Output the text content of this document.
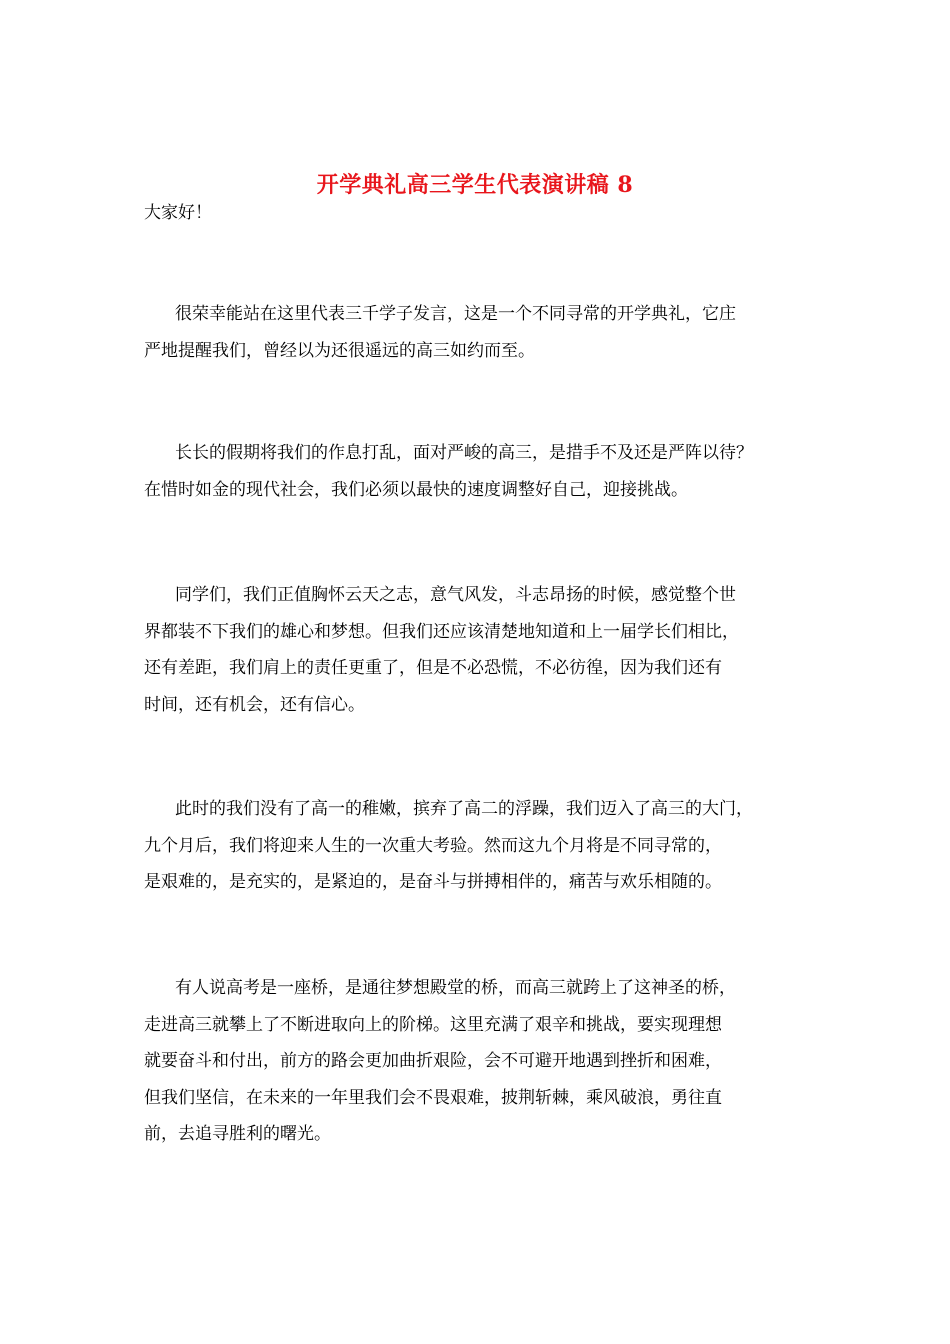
开学典礼高三学生代表演讲稿 8
大家好！
很荣幸能站在这里代表三千学子发言，这是一个不同寻常的开学典礼，它庄
严地提醒我们，曾经以为还很遥远的高三如约而至。
长长的假期将我们的作息打乱，面对严峻的高三，是措手不及还是严阵以待？
在惜时如金的现代社会，我们必须以最快的速度调整好自己，迎接挑战。
同学们，我们正值胸怀云天之志，意气风发，斗志昂扬的时候，感觉整个世
界都装不下我们的雄心和梦想。但我们还应该清楚地知道和上一届学长们相比，
还有差距，我们肩上的责任更重了，但是不必恐慌，不必彷徨，因为我们还有
时间，还有机会，还有信心。
此时的我们没有了高一的稚嫩，摈弃了高二的浮躁，我们迈入了高三的大门，
九个月后，我们将迎来人生的一次重大考验。然而这九个月将是不同寻常的，
是艰难的，是充实的，是紧迫的，是奋斗与拼搏相伴的，痛苦与欢乐相随的。
有人说高考是一座桥，是通往梦想殿堂的桥，而高三就跨上了这神圣的桥，
走进高三就攀上了不断进取向上的阶梯。这里充满了艰辛和挑战，要实现理想
就要奋斗和付出，前方的路会更加曲折艰险，会不可避开地遇到挫折和困难，
但我们坚信，在未来的一年里我们会不畏艰难，披荆斩棘，乘风破浪，勇往直
前，去追寻胜利的曙光。
